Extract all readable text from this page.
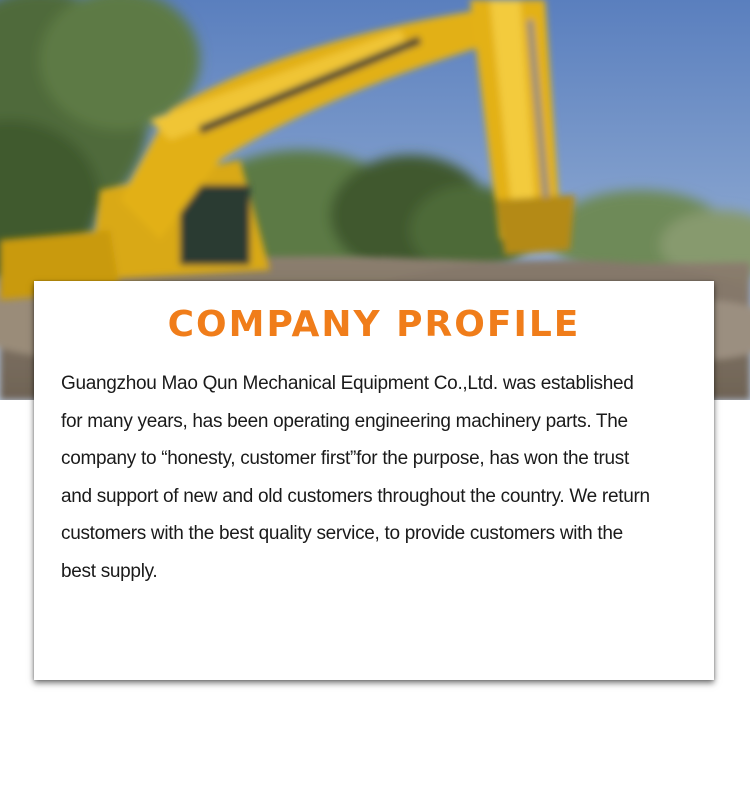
COMPANY PROFILE

Guangzhou Mao Qun Mechanical Equipment Co.,Ltd. was established
for many years, has been operating engineering machinery parts. The
company to “honesty, customer first”for the purpose, has won the trust
and support of new and old customers throughout the country. We return
customers with the best quality service, to provide customers with the
best supply.
